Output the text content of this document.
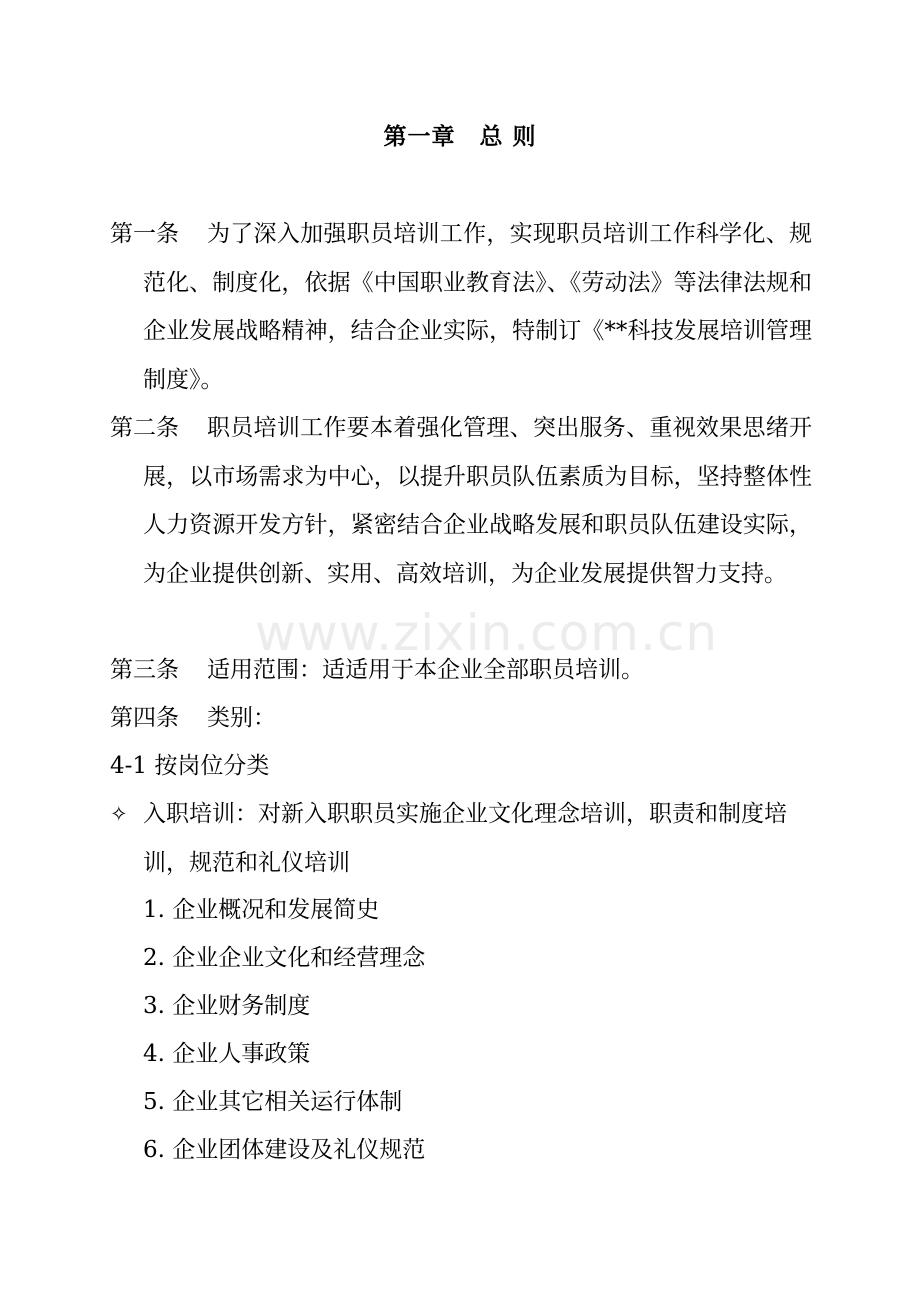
www.zixin.com.cn
第一章　总 则
第一条	为了深入加强职员培训工作，实现职员培训工作科学化、规范化、制度化，依据《中国职业教育法》、《劳动法》等法律法规和企业发展战略精神，结合企业实际，特制订《**科技发展培训管理制度》。
第二条	职员培训工作要本着强化管理、突出服务、重视效果思绪开展，以市场需求为中心，以提升职员队伍素质为目标，坚持整体性人力资源开发方针，紧密结合企业战略发展和职员队伍建设实际，为企业提供创新、实用、高效培训，为企业发展提供智力支持。
第三条	适用范围：适适用于本企业全部职员培训。
第四条	类别：
4-1 按岗位分类
✧ 入职培训：对新入职职员实施企业文化理念培训，职责和制度培训，规范和礼仪培训
1. 企业概况和发展简史
2. 企业企业文化和经营理念
3. 企业财务制度
4. 企业人事政策
5. 企业其它相关运行体制
6. 企业团体建设及礼仪规范
